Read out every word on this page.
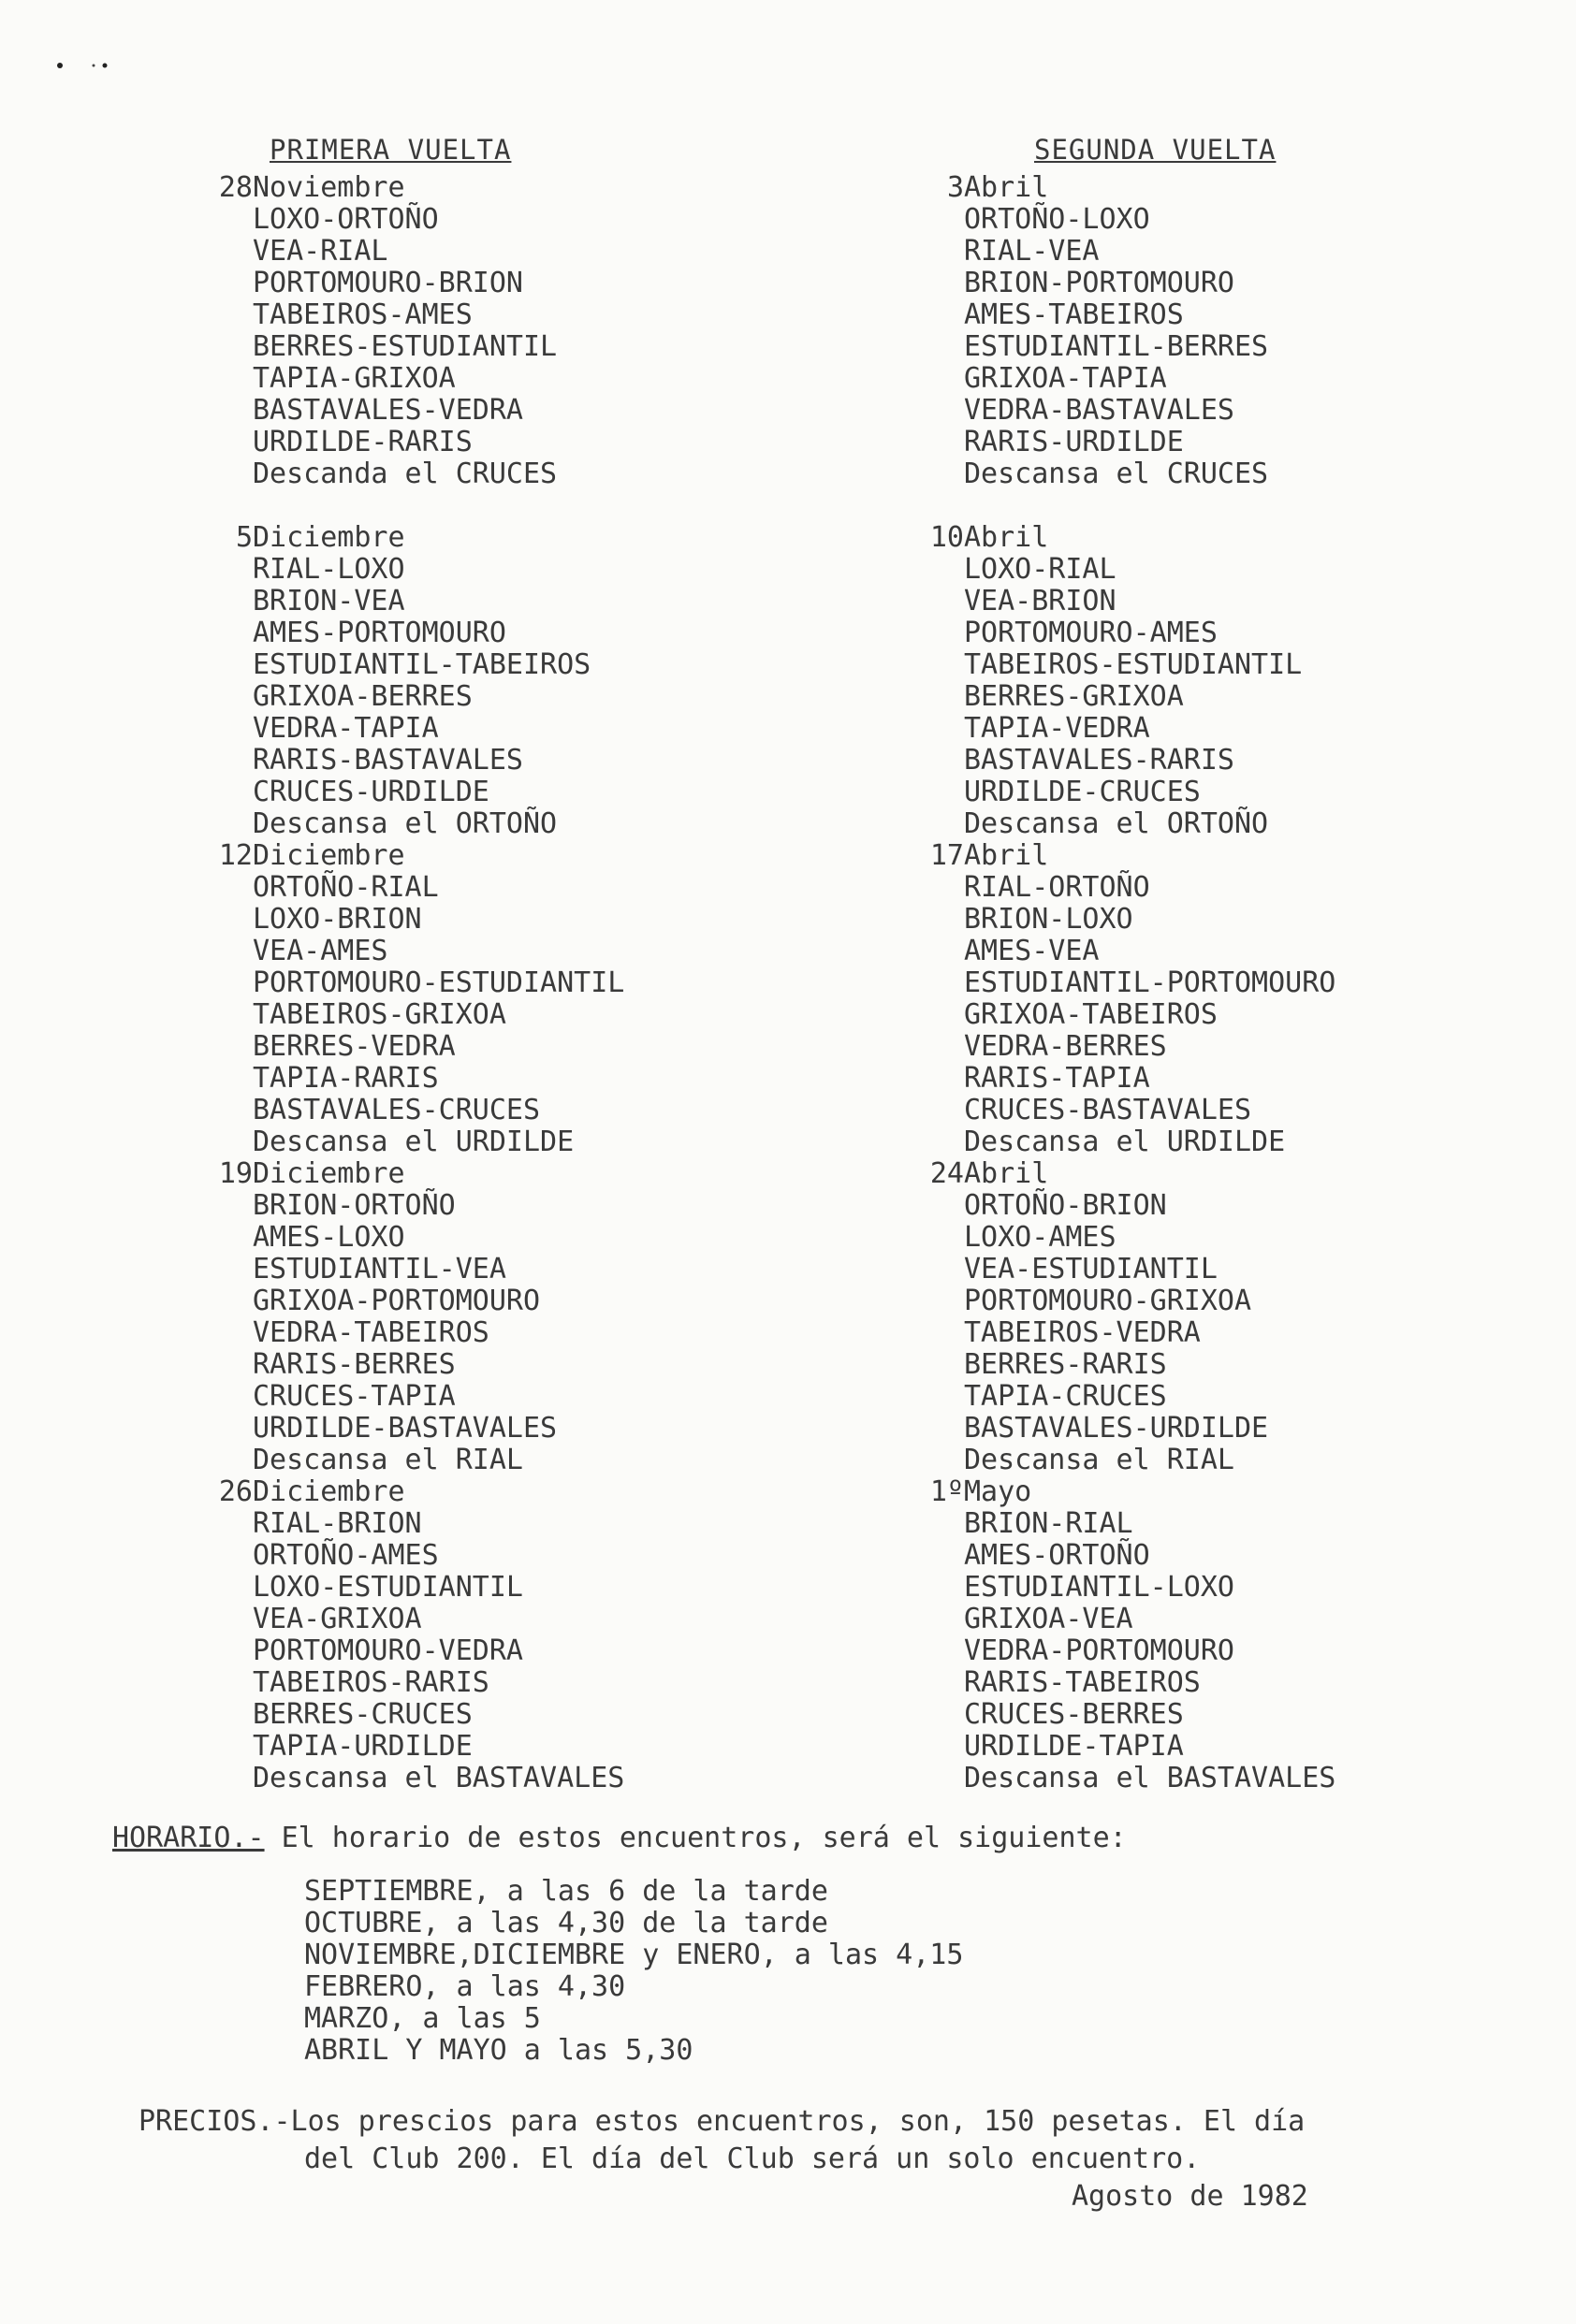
PRIMERA VUELTA
28 Noviembre
LOXO-ORTOÑO
VEA-RIAL
PORTOMOURO-BRION
TABEIROS-AMES
BERRES-ESTUDIANTIL
TAPIA-GRIXOA
BASTAVALES-VEDRA
URDILDE-RARIS
Descanda el CRUCES
5 Diciembre
RIAL-LOXO
BRION-VEA
AMES-PORTOMOURO
ESTUDIANTIL-TABEIROS
GRIXOA-BERRES
VEDRA-TAPIA
RARIS-BASTAVALES
CRUCES-URDILDE
Descansa el ORTOÑO
12 Diciembre
ORTOÑO-RIAL
LOXO-BRION
VEA-AMES
PORTOMOURO-ESTUDIANTIL
TABEIROS-GRIXOA
BERRES-VEDRA
TAPIA-RARIS
BASTAVALES-CRUCES
Descansa el URDILDE
19 Diciembre
BRION-ORTOÑO
AMES-LOXO
ESTUDIANTIL-VEA
GRIXOA-PORTOMOURO
VEDRA-TABEIROS
RARIS-BERRES
CRUCES-TAPIA
URDILDE-BASTAVALES
Descansa el RIAL
26 Diciembre
RIAL-BRION
ORTOÑO-AMES
LOXO-ESTUDIANTIL
VEA-GRIXOA
PORTOMOURO-VEDRA
TABEIROS-RARIS
BERRES-CRUCES
TAPIA-URDILDE
Descansa el BASTAVALES
SEGUNDA VUELTA
3 Abril
ORTOÑO-LOXO
RIAL-VEA
BRION-PORTOMOURO
AMES-TABEIROS
ESTUDIANTIL-BERRES
GRIXOA-TAPIA
VEDRA-BASTAVALES
RARIS-URDILDE
Descansa el CRUCES
10 Abril
LOXO-RIAL
VEA-BRION
PORTOMOURO-AMES
TABEIROS-ESTUDIANTIL
BERRES-GRIXOA
TAPIA-VEDRA
BASTAVALES-RARIS
URDILDE-CRUCES
Descansa el ORTOÑO
17 Abril
RIAL-ORTOÑO
BRION-LOXO
AMES-VEA
ESTUDIANTIL-PORTOMOURO
GRIXOA-TABEIROS
VEDRA-BERRES
RARIS-TAPIA
CRUCES-BASTAVALES
Descansa el URDILDE
24 Abril
ORTOÑO-BRION
LOXO-AMES
VEA-ESTUDIANTIL
PORTOMOURO-GRIXOA
TABEIROS-VEDRA
BERRES-RARIS
TAPIA-CRUCES
BASTAVALES-URDILDE
Descansa el RIAL
1º Mayo
BRION-RIAL
AMES-ORTOÑO
ESTUDIANTIL-LOXO
GRIXOA-VEA
VEDRA-PORTOMOURO
RARIS-TABEIROS
CRUCES-BERRES
URDILDE-TAPIA
Descansa el BASTAVALES
HORARIO.- El horario de estos encuentros, será el siguiente:
SEPTIEMBRE, a las 6 de la tarde
OCTUBRE, a las 4,30 de la tarde
NOVIEMBRE,DICIEMBRE y ENERO, a las 4,15
FEBRERO, a las 4,30
MARZO, a las 5
ABRIL Y MAYO a las 5,30
PRECIOS.-Los prescios para estos encuentros, son, 150 pesetas. El día
del Club 200. El día del Club será un solo encuentro.
Agosto de 1982
